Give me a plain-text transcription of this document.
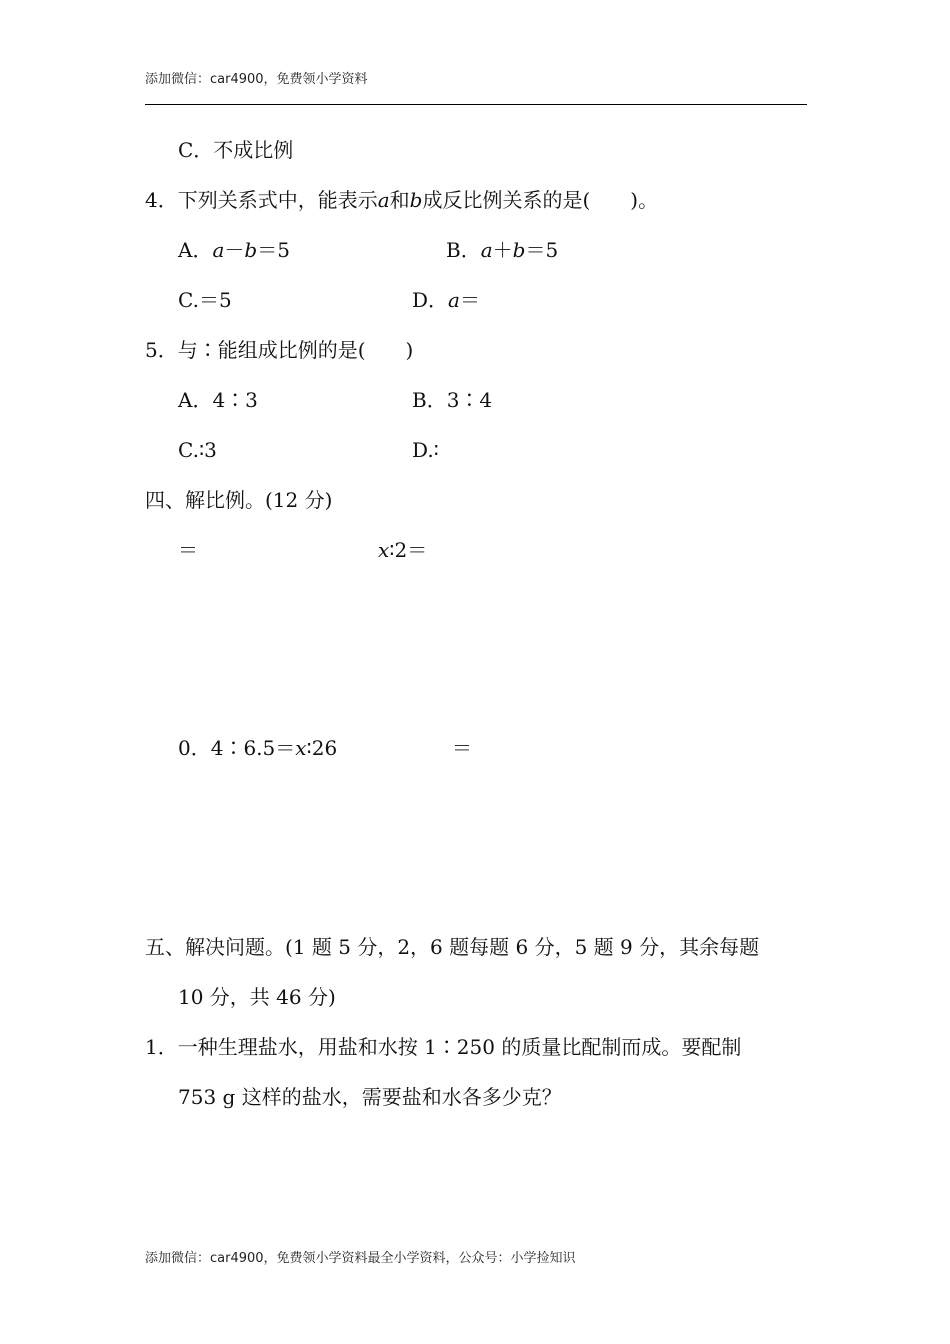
添加微信：car4900，免费领小学资料
C．不成比例
4．下列关系式中，能表示a和b成反比例关系的是(　　)。
A．a－b＝5	B．a＋b＝5
C.＝5	D．a＝
5．与∶能组成比例的是(　　)
A．4∶3	B．3∶4
C.∶3	D.∶
四、解比例。(12 分)
＝	x∶2＝
0．4∶6.5＝x∶26	＝
五、解决问题。(1 题 5 分，2，6 题每题 6 分，5 题 9 分，其余每题
10 分，共 46 分)
1．一种生理盐水，用盐和水按 1∶250 的质量比配制而成。要配制
753 g 这样的盐水，需要盐和水各多少克？
添加微信：car4900，免费领小学资料最全小学资料，公众号：小学捡知识
